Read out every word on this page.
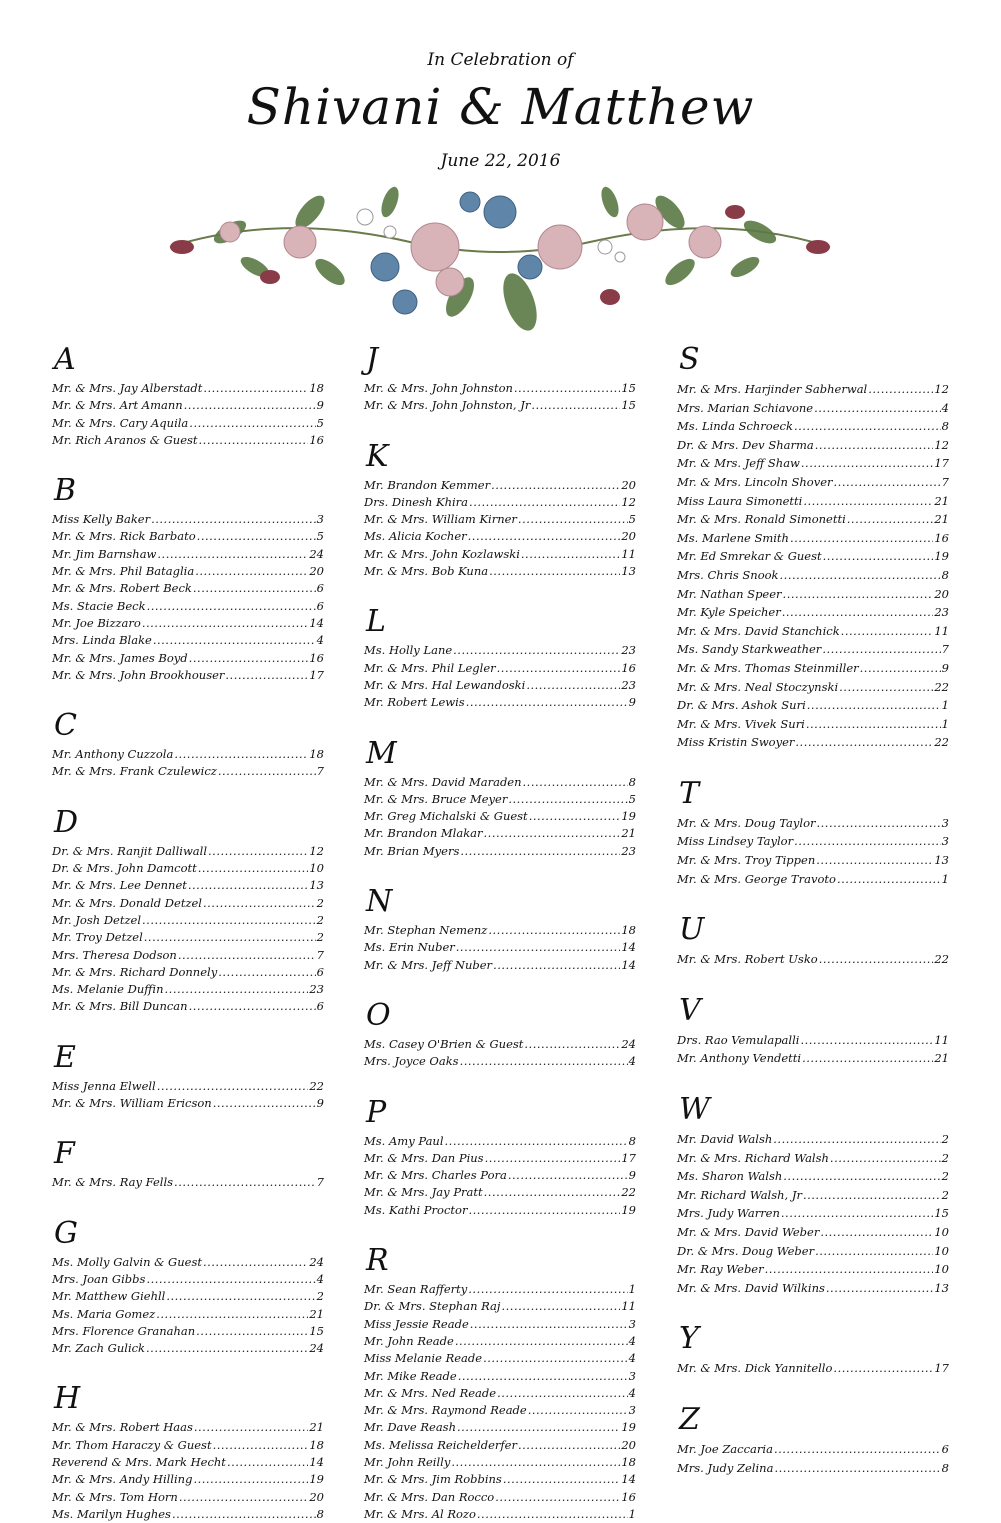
In Celebration of
Shivani & Matthew
June 22, 2016
A
Mr. & Mrs. Jay Alberstadt .....	18
Mr. & Mrs. Art Amann .....	9
Mr. & Mrs. Cary Aquila .....	5
Mr. Rich Aranos & Guest .....	16
B
Miss Kelly Baker .....	3
Mr. & Mrs. Rick Barbato .....	5
Mr. Jim Barnshaw .....	24
Mr. & Mrs. Phil Bataglia .....	20
Mr. & Mrs. Robert Beck .....	6
Ms. Stacie Beck .....	6
Mr. Joe Bizzaro .....	14
Mrs. Linda Blake .....	4
Mr. & Mrs. James Boyd .....	16
Mr. & Mrs. John Brookhouser .....	17
C
Mr. Anthony Cuzzola .....	18
Mr. & Mrs. Frank Czulewicz .....	7
D
Dr. & Mrs. Ranjit Dalliwall .....	12
Dr. & Mrs. John Damcott .....	10
Mr. & Mrs. Lee Dennet .....	13
Mr. & Mrs. Donald Detzel .....	2
Mr. Josh Detzel .....	2
Mr. Troy Detzel .....	2
Mrs. Theresa Dodson .....	7
Mr. & Mrs. Richard Donnely .....	6
Ms. Melanie Duffin .....	23
Mr. & Mrs. Bill Duncan .....	6
E
Miss Jenna Elwell .....	22
Mr. & Mrs. William Ericson .....	9
F
Mr. & Mrs. Ray Fells .....	7
G
Ms. Molly Galvin & Guest .....	24
Mrs. Joan Gibbs .....	4
Mr. Matthew Giehll .....	2
Ms. Maria Gomez .....	21
Mrs. Florence Granahan .....	15
Mr. Zach Gulick .....	24
H
Mr. & Mrs. Robert Haas .....	21
Mr. Thom Haraczy & Guest .....	18
Reverend & Mrs. Mark Hecht .....	14
Mr. & Mrs. Andy Hilling .....	19
Mr. & Mrs. Tom Horn .....	20
Ms. Marilyn Hughes .....	8
J
Mr. & Mrs. John Johnston .....	15
Mr. & Mrs. John Johnston, Jr .....	15
K
Mr. Brandon Kemmer .....	20
Drs. Dinesh Khira .....	12
Mr. & Mrs. William Kirner .....	5
Ms. Alicia Kocher .....	20
Mr. & Mrs. John Kozlawski .....	11
Mr. & Mrs. Bob Kuna .....	13
L
Ms. Holly Lane .....	23
Mr. & Mrs. Phil Legler .....	16
Mr. & Mrs. Hal Lewandoski .....	23
Mr. Robert Lewis .....	9
M
Mr. & Mrs. David Maraden .....	8
Mr. & Mrs. Bruce Meyer .....	5
Mr. Greg Michalski & Guest .....	19
Mr. Brandon Mlakar .....	21
Mr. Brian Myers .....	23
N
Mr. Stephan Nemenz .....	18
Ms. Erin Nuber .....	14
Mr. & Mrs. Jeff Nuber .....	14
O
Ms. Casey O'Brien & Guest .....	24
Mrs. Joyce Oaks .....	4
P
Ms. Amy Paul .....	8
Mr. & Mrs. Dan Pius .....	17
Mr. & Mrs. Charles Pora .....	9
Mr. & Mrs. Jay Pratt .....	22
Ms. Kathi Proctor .....	19
R
Mr. Sean Rafferty .....	1
Dr. & Mrs. Stephan Raj .....	11
Miss Jessie Reade .....	3
Mr. John Reade .....	4
Miss Melanie Reade .....	4
Mr. Mike Reade .....	3
Mr. & Mrs. Ned Reade .....	4
Mr. & Mrs. Raymond Reade .....	3
Mr. Dave Reash .....	19
Ms. Melissa Reichelderfer .....	20
Mr. John Reilly .....	18
Mr. & Mrs. Jim Robbins .....	14
Mr. & Mrs. Dan Rocco .....	16
Mr. & Mrs. Al Rozo .....	1
S
Mr. & Mrs. Harjinder Sabherwal .....	12
Mrs. Marian Schiavone .....	4
Ms. Linda Schroeck .....	8
Dr. & Mrs. Dev Sharma .....	12
Mr. & Mrs. Jeff Shaw .....	17
Mr. & Mrs. Lincoln Shover .....	7
Miss Laura Simonetti .....	21
Mr. & Mrs. Ronald Simonetti .....	21
Ms. Marlene Smith .....	16
Mr. Ed Smrekar & Guest .....	19
Mrs. Chris Snook .....	8
Mr. Nathan Speer .....	20
Mr. Kyle Speicher .....	23
Mr. & Mrs. David Stanchick .....	11
Ms. Sandy Starkweather .....	7
Mr. & Mrs. Thomas Steinmiller .....	9
Mr. & Mrs. Neal Stoczynski .....	22
Dr. & Mrs. Ashok Suri .....	1
Mr. & Mrs. Vivek Suri .....	1
Miss Kristin Swoyer .....	22
T
Mr. & Mrs. Doug Taylor .....	3
Miss Lindsey Taylor .....	3
Mr. & Mrs. Troy Tippen .....	13
Mr. & Mrs. George Travoto .....	1
U
Mr. & Mrs. Robert Usko .....	22
V
Drs. Rao Vemulapalli .....	11
Mr. Anthony Vendetti .....	21
W
Mr. David Walsh .....	2
Mr. & Mrs. Richard Walsh .....	2
Ms. Sharon Walsh .....	2
Mr. Richard Walsh, Jr .....	2
Mrs. Judy Warren .....	15
Mr. & Mrs. David Weber .....	10
Dr. & Mrs. Doug Weber .....	10
Mr. Ray Weber .....	10
Mr. & Mrs. David Wilkins .....	13
Y
Mr. & Mrs. Dick Yannitello .....	17
Z
Mr. Joe Zaccaria .....	6
Mrs. Judy Zelina .....	8
